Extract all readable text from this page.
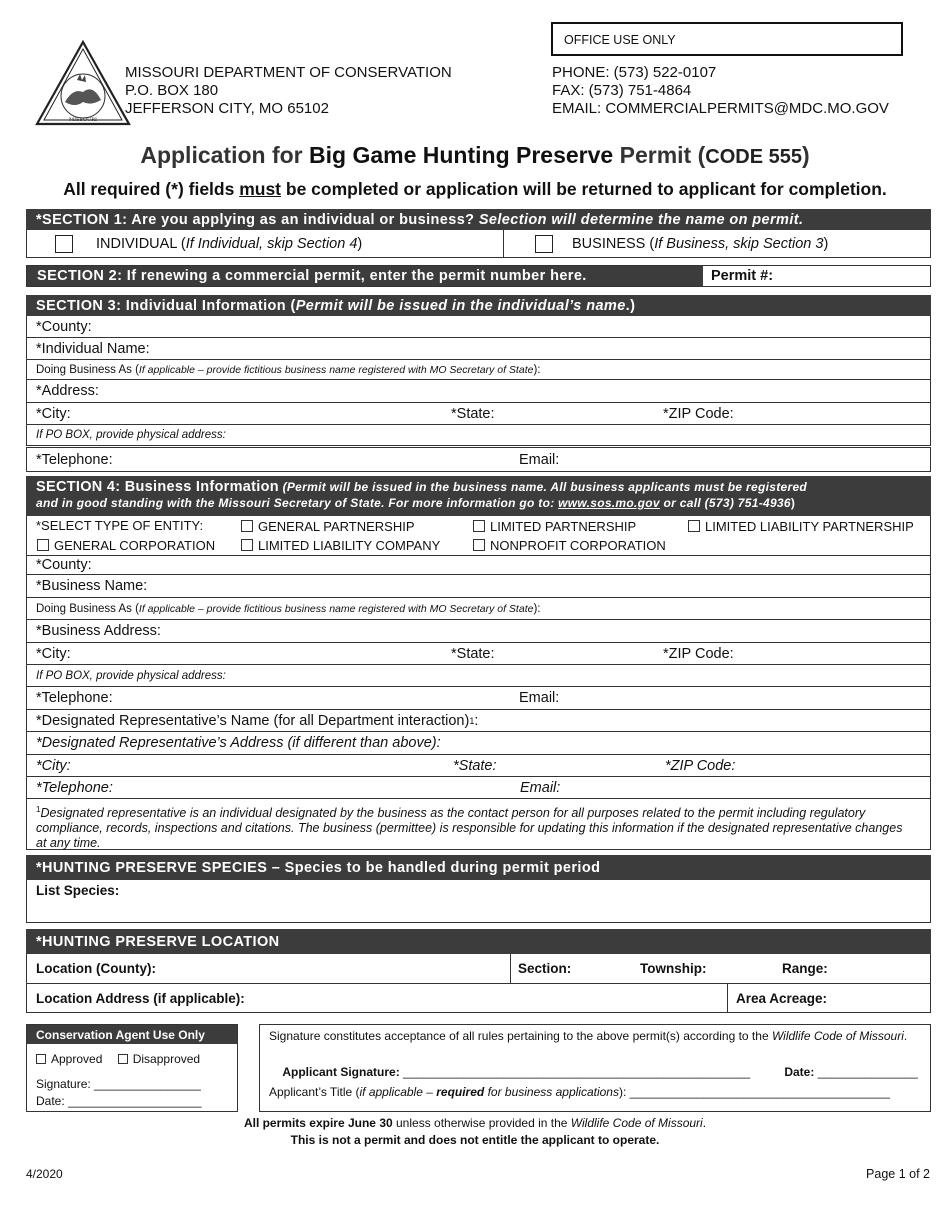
MISSOURI
MISSOURI DEPARTMENT OF CONSERVATION
P.O. BOX 180
JEFFERSON CITY, MO 65102
OFFICE USE ONLY
PHONE: (573) 522-0107
FAX: (573) 751-4864
EMAIL: COMMERCIALPERMITS@MDC.MO.GOV
Application for Big Game Hunting Preserve Permit (CODE 555)
All required (*) fields must be completed or application will be returned to applicant for completion.
*SECTION 1: Are you applying as an individual or business? Selection will determine the name on permit.
INDIVIDUAL (If Individual, skip Section 4)	BUSINESS (If Business, skip Section 3)
SECTION 2: If renewing a commercial permit, enter the permit number here.	Permit #:
SECTION 3: Individual Information ( Permit will be issued in the individual’s name .)
*County:
*Individual Name:
Doing Business As ( If applicable – provide fictitious business name registered with MO Secretary of State ):
*Address:
*City:	*State:	*ZIP Code:
If PO BOX, provide physical address:
*Telephone:	Email:
SECTION 4: Business Information (Permit will be issued in the business name. All business applicants must be registered
and in good standing with the Missouri Secretary of State. For more information go to: www.sos.mo.gov or call (573) 751-4936)
*SELECT TYPE OF ENTITY:	GENERAL PARTNERSHIP	LIMITED PARTNERSHIP	LIMITED LIABILITY PARTNERSHIP
GENERAL CORPORATION	LIMITED LIABILITY COMPANY	NONPROFIT CORPORATION
*County:
*Business Name:
Doing Business As ( If applicable – provide fictitious business name registered with MO Secretary of State ):
*Business Address:
*City:	*State:	*ZIP Code:
If PO BOX, provide physical address:
*Telephone:	Email:
*Designated Representative’s Name (for all Department interaction) 1 :
*Designated Representative’s Address (if different than above):
*City:	*State:	*ZIP Code:
*Telephone:	Email:
$^1$Designated representative is an individual designated by the business as the contact person for all purposes related to the permit including regulatory compliance, records, inspections and citations. The business (permittee) is responsible for updating this information if the designated representative changes at any time.
*HUNTING PRESERVE SPECIES – Species to be handled during permit period
List Species:
*HUNTING PRESERVE LOCATION
Location (County):	Section:	Township:	Range:
Location Address (if applicable):	Area Acreage:
Conservation Agent Use Only
Approved	Disapproved
Signature: ________________
Date: ____________________
Signature constitutes acceptance of all rules pertaining to the above permit(s) according to the Wildlife Code of Missouri.

Applicant Signature: ____________________________________________________
	Date: _______________

Applicant’s Title (if applicable – required for business applications): _______________________________________
All permits expire June 30 unless otherwise provided in the Wildlife Code of Missouri.
This is not a permit and does not entitle the applicant to operate.
4/2020	Page 1 of 2
